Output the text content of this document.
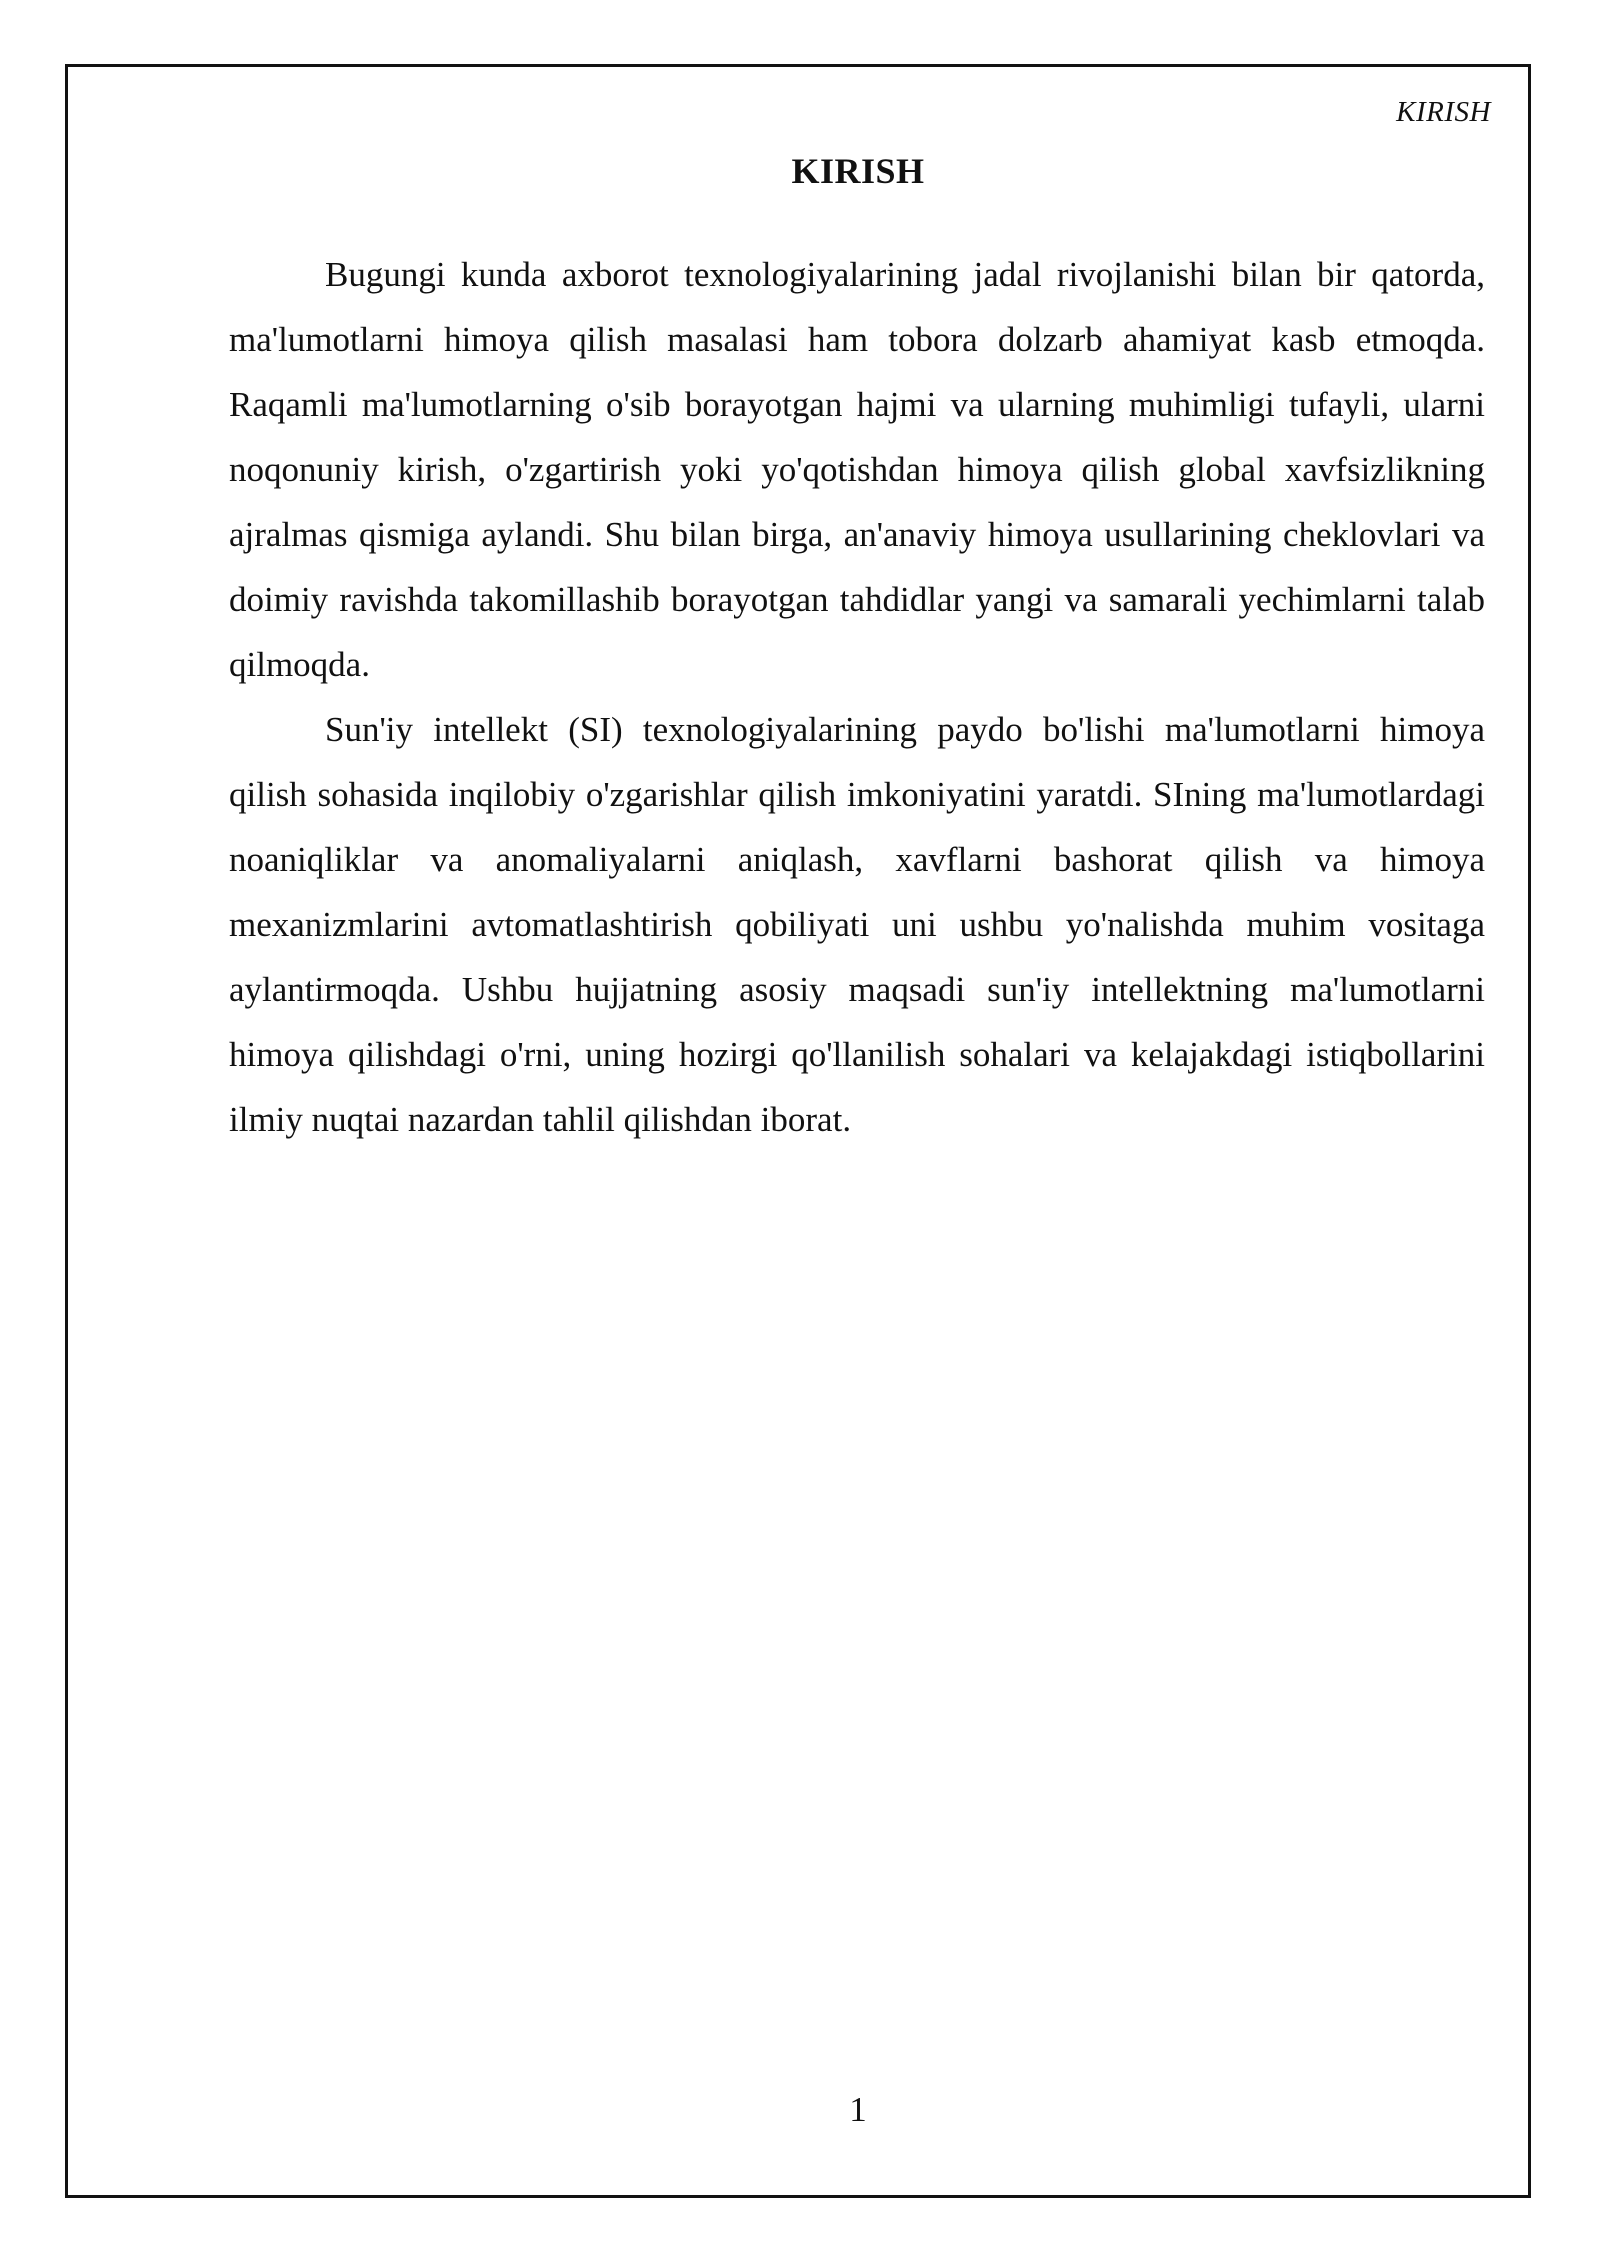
KIRISH
KIRISH

Bugungi kunda axborot texnologiyalarining jadal rivojlanishi bilan bir qatorda, ma'lumotlarni himoya qilish masalasi ham tobora dolzarb ahamiyat kasb etmoqda. Raqamli ma'lumotlarning o'sib borayotgan hajmi va ularning muhimligi tufayli, ularni noqonuniy kirish, o'zgartirish yoki yo'qotishdan himoya qilish global xavfsizlikning ajralmas qismiga aylandi. Shu bilan birga, an'anaviy himoya usullarining cheklovlari va doimiy ravishda takomillashib borayotgan tahdidlar yangi va samarali yechimlarni talab qilmoqda.

Sun'iy intellekt (SI) texnologiyalarining paydo bo'lishi ma'lumotlarni himoya qilish sohasida inqilobiy o'zgarishlar qilish imkoniyatini yaratdi. SIning ma'lumotlardagi noaniqliklar va anomaliyalarni aniqlash, xavflarni bashorat qilish va himoya mexanizmlarini avtomatlashtirish qobiliyati uni ushbu yo'nalishda muhim vositaga aylantirmoqda. Ushbu hujjatning asosiy maqsadi sun'iy intellektning ma'lumotlarni himoya qilishdagi o'rni, uning hozirgi qo'llanilish sohalari va kelajakdagi istiqbollarini ilmiy nuqtai nazardan tahlil qilishdan iborat.

1
